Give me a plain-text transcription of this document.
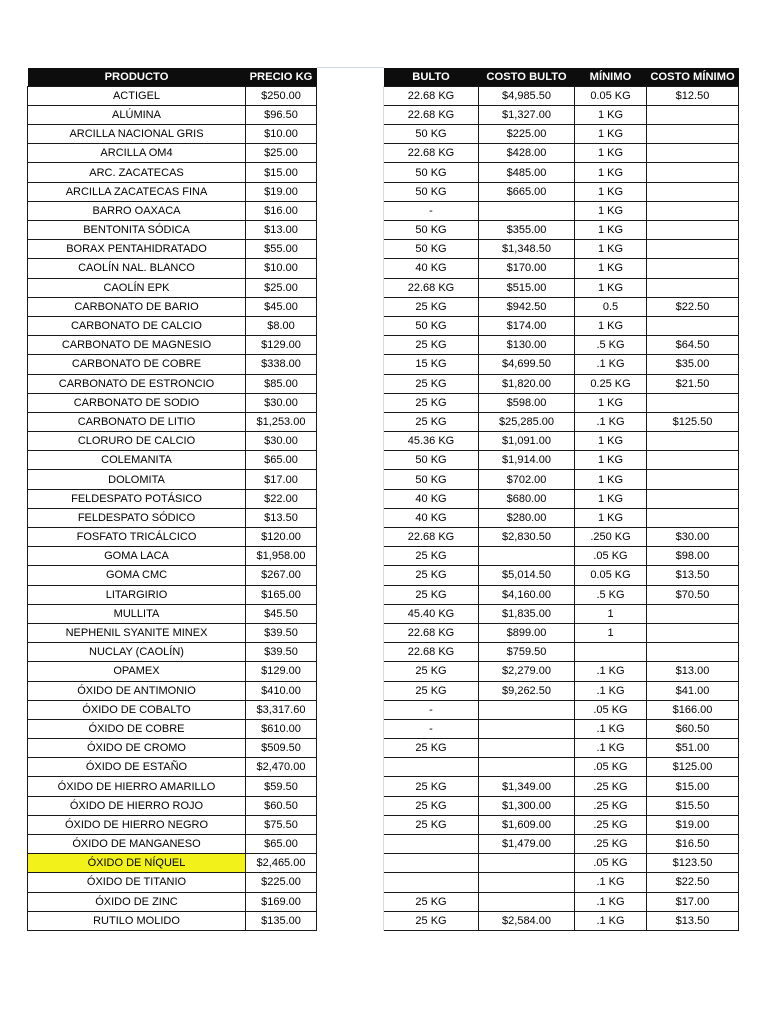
PRODUCTO	PRECIO KG		BULTO	COSTO BULTO	MÍNIMO	COSTO MÍNIMO
ACTIGEL	$250.00		22.68 KG	$4,985.50	0.05 KG	$12.50
ALÚMINA	$96.50		22.68 KG	$1,327.00	1 KG	
ARCILLA NACIONAL GRIS	$10.00		50 KG	$225.00	1 KG	
ARCILLA OM4	$25.00		22.68 KG	$428.00	1 KG	
ARC. ZACATECAS	$15.00		50 KG	$485.00	1 KG	
ARCILLA ZACATECAS FINA	$19.00		50 KG	$665.00	1 KG	
BARRO OAXACA	$16.00		-		1 KG	
BENTONITA SÓDICA	$13.00		50 KG	$355.00	1 KG	
BORAX PENTAHIDRATADO	$55.00		50 KG	$1,348.50	1 KG	
CAOLÍN NAL. BLANCO	$10.00		40 KG	$170.00	1 KG	
CAOLÍN EPK	$25.00		22.68 KG	$515.00	1 KG	
CARBONATO DE BARIO	$45.00		25 KG	$942.50	0.5	$22.50
CARBONATO DE CALCIO	$8.00		50 KG	$174.00	1 KG	
CARBONATO DE MAGNESIO	$129.00		25 KG	$130.00	.5 KG	$64.50
CARBONATO DE COBRE	$338.00		15 KG	$4,699.50	.1 KG	$35.00
CARBONATO DE ESTRONCIO	$85.00		25 KG	$1,820.00	0.25 KG	$21.50
CARBONATO DE SODIO	$30.00		25 KG	$598.00	1 KG	
CARBONATO DE LITIO	$1,253.00		25 KG	$25,285.00	.1 KG	$125.50
CLORURO DE CALCIO	$30.00		45.36 KG	$1,091.00	1 KG	
COLEMANITA	$65.00		50 KG	$1,914.00	1 KG	
DOLOMITA	$17.00		50 KG	$702.00	1 KG	
FELDESPATO POTÁSICO	$22.00		40 KG	$680.00	1 KG	
FELDESPATO SÓDICO	$13.50		40 KG	$280.00	1 KG	
FOSFATO TRICÁLCICO	$120.00		22.68 KG	$2,830.50	.250 KG	$30.00
GOMA LACA	$1,958.00		25 KG		.05 KG	$98.00
GOMA CMC	$267.00		25 KG	$5,014.50	0.05 KG	$13.50
LITARGIRIO	$165.00		25 KG	$4,160.00	.5 KG	$70.50
MULLITA	$45.50		45.40 KG	$1,835.00	1	
NEPHENIL SYANITE MINEX	$39.50		22.68 KG	$899.00	1	
NUCLAY (CAOLÍN)	$39.50		22.68 KG	$759.50		
OPAMEX	$129.00		25 KG	$2,279.00	.1 KG	$13.00
ÓXIDO DE ANTIMONIO	$410.00		25 KG	$9,262.50	.1 KG	$41.00
ÓXIDO DE COBALTO	$3,317.60		-		.05 KG	$166.00
ÓXIDO DE COBRE	$610.00		-		.1 KG	$60.50
ÓXIDO DE CROMO	$509.50		25 KG		.1 KG	$51.00
ÓXIDO DE ESTAÑO	$2,470.00				.05 KG	$125.00
ÓXIDO DE HIERRO AMARILLO	$59.50		25 KG	$1,349.00	.25 KG	$15.00
ÓXIDO DE HIERRO ROJO	$60.50		25 KG	$1,300.00	.25 KG	$15.50
ÓXIDO DE HIERRO NEGRO	$75.50		25 KG	$1,609.00	.25 KG	$19.00
ÓXIDO DE MANGANESO	$65.00			$1,479.00	.25 KG	$16.50
ÓXIDO DE NÍQUEL	$2,465.00				.05 KG	$123.50
ÓXIDO DE TITANIO	$225.00				.1 KG	$22.50
ÓXIDO DE ZINC	$169.00		25 KG		.1 KG	$17.00
RUTILO MOLIDO	$135.00		25 KG	$2,584.00	.1 KG	$13.50
